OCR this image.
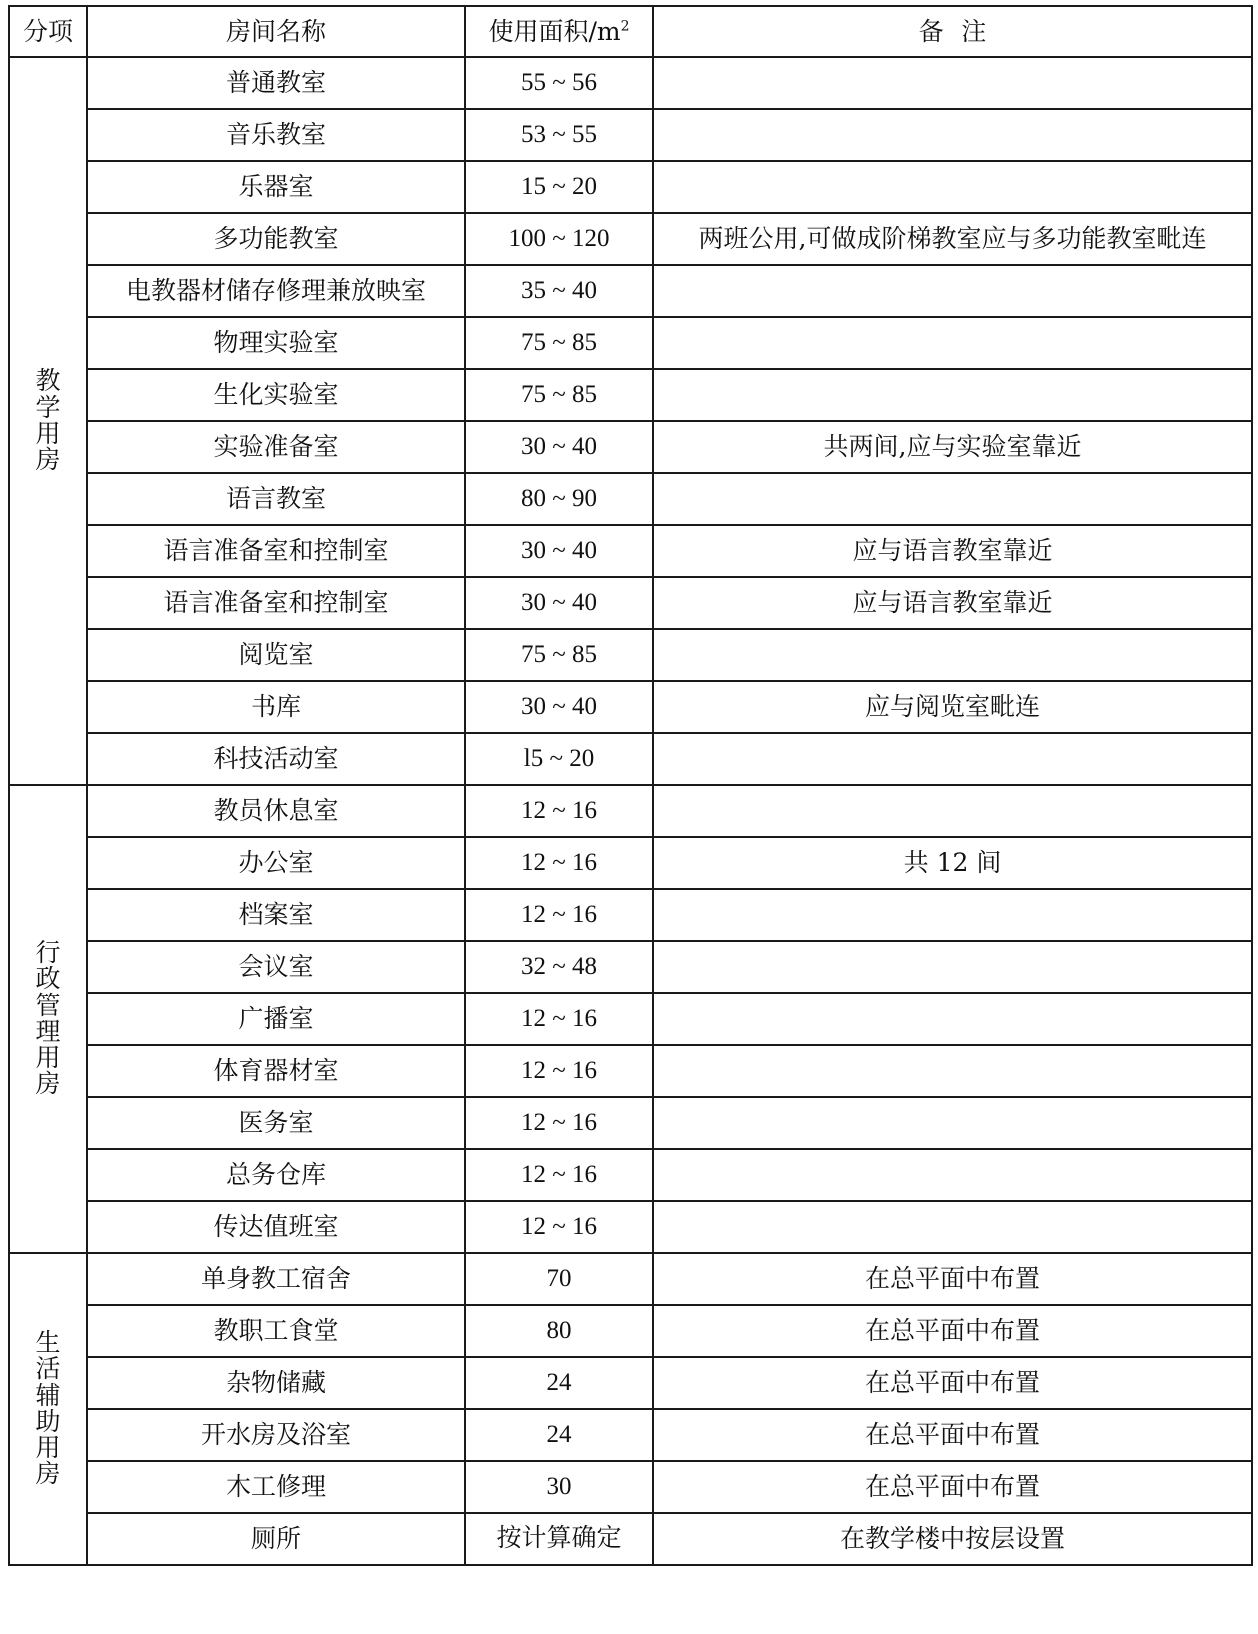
分项	房间名称	使用面积$/m^2$	备注
教学用房	普通教室	55 ~ 56	
	音乐教室	53 ~ 55	
	乐器室	15 ~ 20	
	多功能教室	100 ~ 120	两班公用,可做成阶梯教室应与多功能教室毗连
	电教器材储存修理兼放映室	35 ~ 40	
	物理实验室	75 ~ 85	
	生化实验室	75 ~ 85	
	实验准备室	30 ~ 40	共两间,应与实验室靠近
	语言教室	80 ~ 90	
	语言准备室和控制室	30 ~ 40	应与语言教室靠近
	语言准备室和控制室	30 ~ 40	应与语言教室靠近
	阅览室	75 ~ 85	
	书库	30 ~ 40	应与阅览室毗连
	科技活动室	l5 ~ 20	
行政管理用房	教员休息室	12 ~ 16	
	办公室	12 ~ 16	共 12 间
	档案室	12 ~ 16	
	会议室	32 ~ 48	
	广播室	12 ~ 16	
	体育器材室	12 ~ 16	
	医务室	12 ~ 16	
	总务仓库	12 ~ 16	
	传达值班室	12 ~ 16	
生活辅助用房	单身教工宿舍	70	在总平面中布置
	教职工食堂	80	在总平面中布置
	杂物储藏	24	在总平面中布置
	开水房及浴室	24	在总平面中布置
	木工修理	30	在总平面中布置
	厕所	按计算确定	在教学楼中按层设置
